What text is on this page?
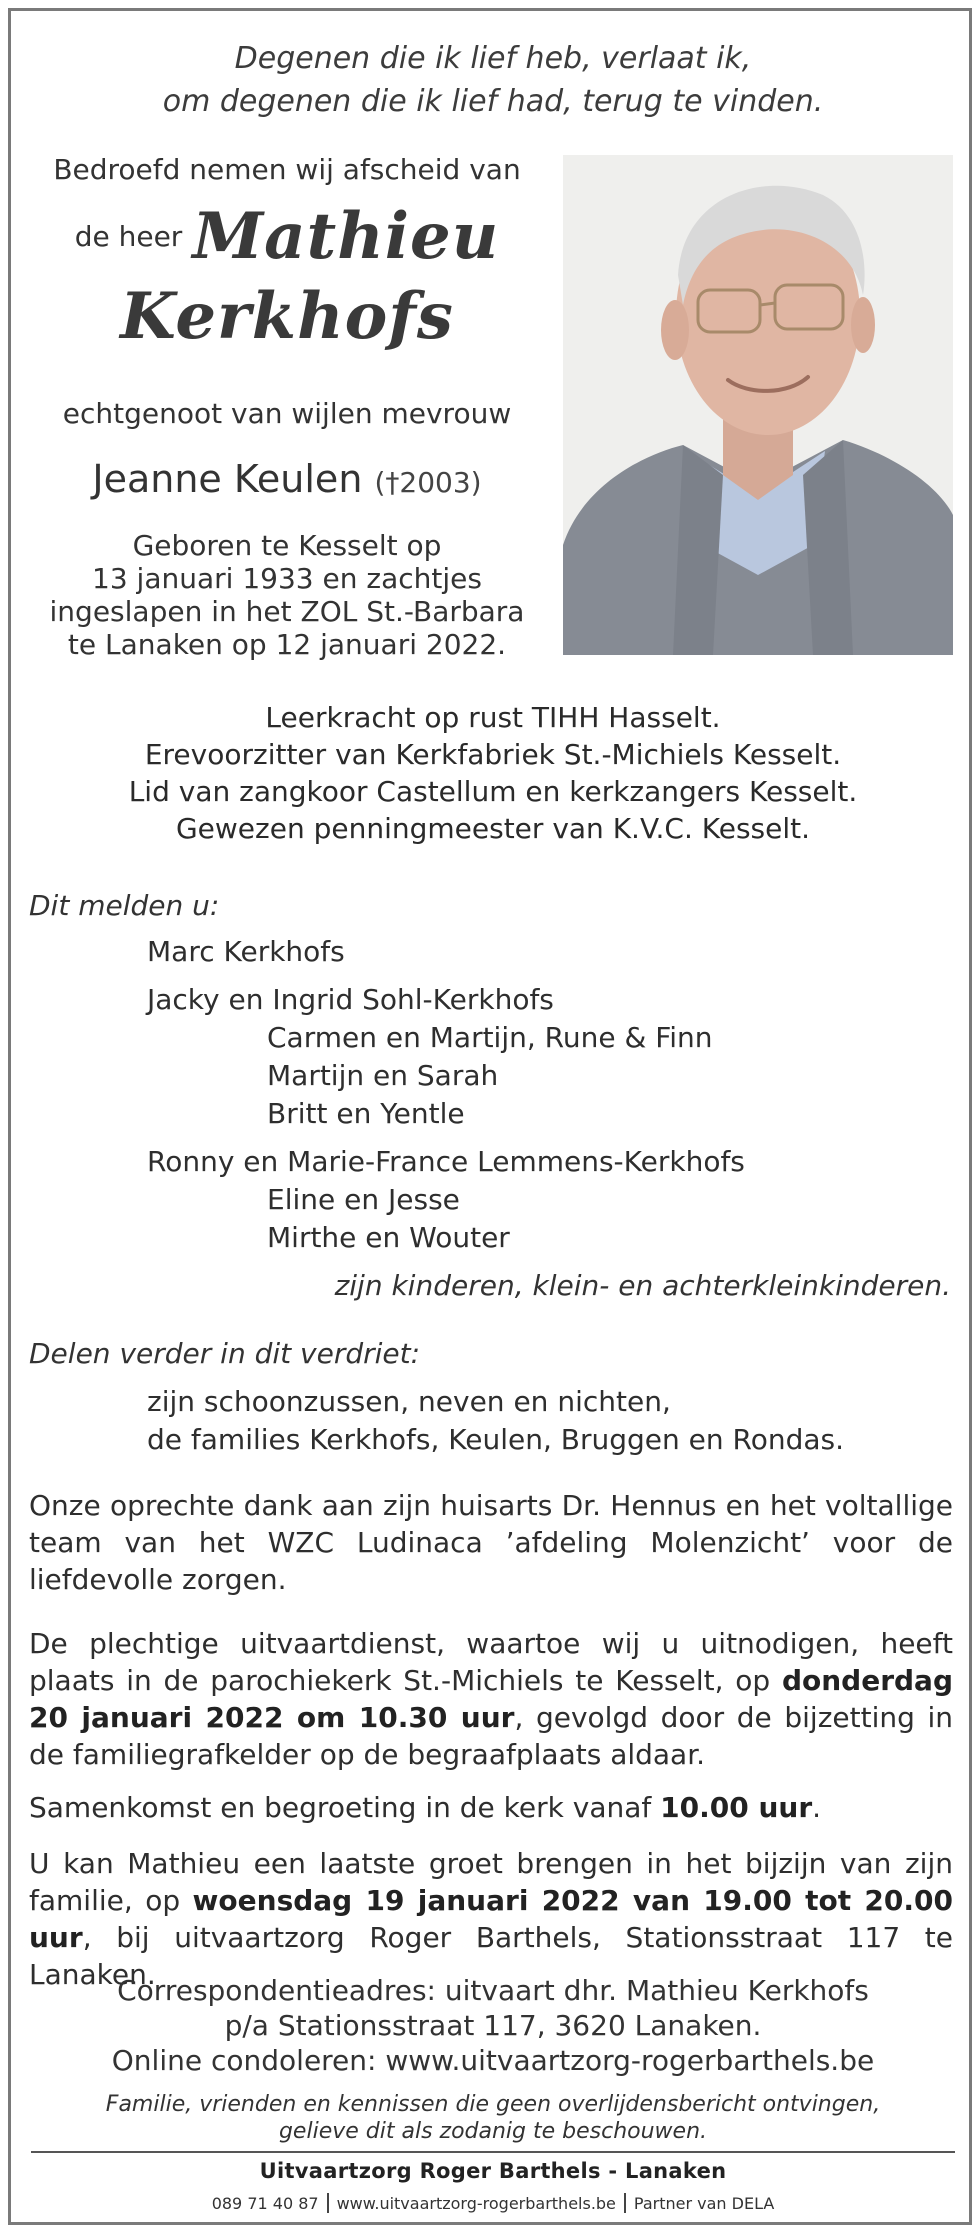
Degenen die ik lief heb, verlaat ik,
om degenen die ik lief had, terug te vinden.
Bedroefd nemen wij afscheid van
de heer Mathieu
Kerkhofs
echtgenoot van wijlen mevrouw
Jeanne Keulen (†2003)
Geboren te Kesselt op
13 januari 1933 en zachtjes
ingeslapen in het ZOL St.-Barbara
te Lanaken op 12 januari 2022.
Leerkracht op rust TIHH Hasselt.
Erevoorzitter van Kerkfabriek St.-Michiels Kesselt.
Lid van zangkoor Castellum en kerkzangers Kesselt.
Gewezen penningmeester van K.V.C. Kesselt.
Dit melden u:
Marc Kerkhofs
Jacky en Ingrid Sohl-Kerkhofs
Carmen en Martijn, Rune & Finn
Martijn en Sarah
Britt en Yentle
Ronny en Marie-France Lemmens-Kerkhofs
Eline en Jesse
Mirthe en Wouter
zijn kinderen, klein- en achterkleinkinderen.
Delen verder in dit verdriet:
zijn schoonzussen, neven en nichten,
de families Kerkhofs, Keulen, Bruggen en Rondas.
Onze oprechte dank aan zijn huisarts Dr. Hennus en het voltallige team van het WZC Ludinaca ’afdeling Molenzicht’ voor de liefdevolle zorgen.
De plechtige uitvaartdienst, waartoe wij u uitnodigen, heeft plaats in de parochiekerk St.-Michiels te Kesselt, op donderdag 20 januari 2022 om 10.30 uur, gevolgd door de bijzetting in de familiegrafkelder op de begraafplaats aldaar.
Samenkomst en begroeting in de kerk vanaf 10.00 uur.
U kan Mathieu een laatste groet brengen in het bijzijn van zijn familie, op woensdag 19 januari 2022 van 19.00 tot 20.00 uur, bij uitvaartzorg Roger Barthels, Stationsstraat 117 te Lanaken.
Correspondentieadres: uitvaart dhr. Mathieu Kerkhofs
p/a Stationsstraat 117, 3620 Lanaken.
Online condoleren: www.uitvaartzorg-rogerbarthels.be
Familie, vrienden en kennissen die geen overlijdensbericht ontvingen,
gelieve dit als zodanig te beschouwen.
Uitvaartzorg Roger Barthels - Lanaken
089 71 40 87 www.uitvaartzorg-rogerbarthels.be Partner van DELA
